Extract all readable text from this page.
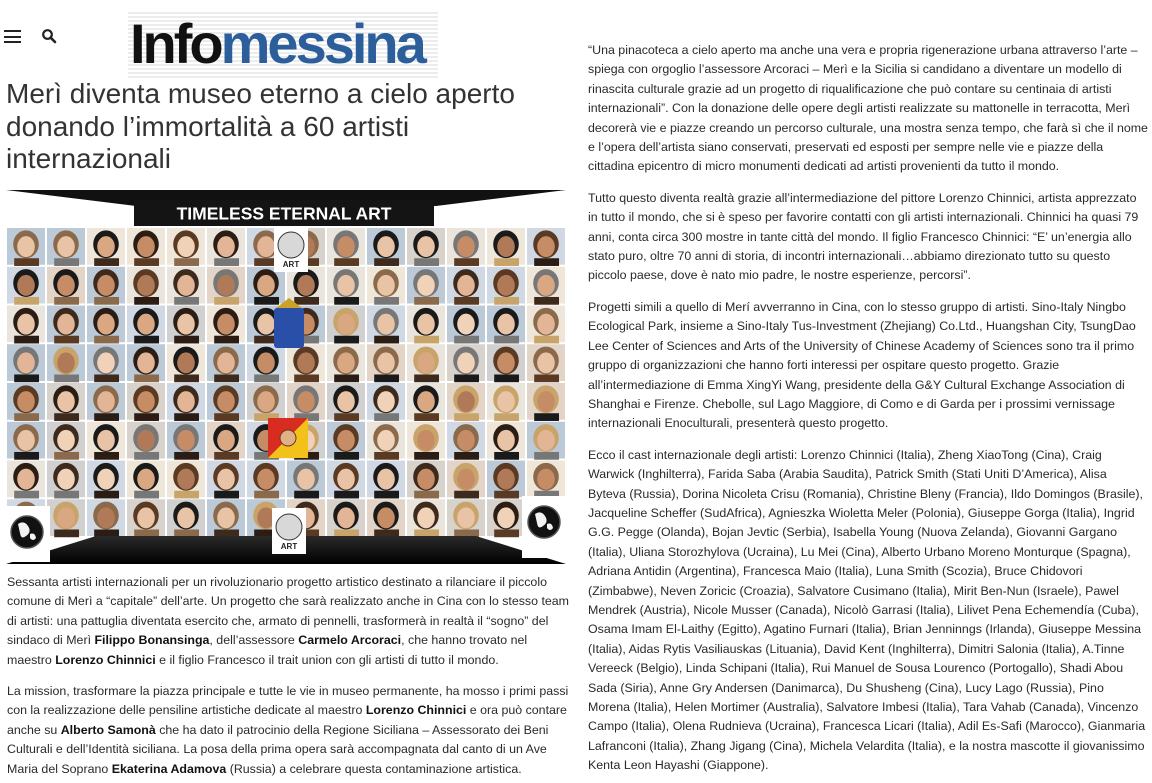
Infomessina
Merì diventa museo eterno a cielo aperto donando l’immortalità a 60 artisti internazionali
TIMELESS ETERNAL ART
ART
ART

Sessanta artisti internazionali per un rivoluzionario progetto artistico destinato a rilanciare il piccolo comune di Merì a “capitale” dell’arte. Un progetto che sarà realizzato anche in Cina con lo stesso team di artisti: una pattuglia diventata esercito che, armato di pennelli, trasformerà in realtà il “sogno” del sindaco di Merì Filippo Bonansinga, dell’assessore Carmelo Arcoraci, che hanno trovato nel maestro Lorenzo Chinnici e il figlio Francesco il trait union con gli artisti di tutto il mondo.

La mission, trasformare la piazza principale e tutte le vie in museo permanente, ha mosso i primi passi con la realizzazione delle pensiline artistiche dedicate al maestro Lorenzo Chinnici e ora può contare anche su Alberto Samonà che ha dato il patrocinio della Regione Siciliana – Assessorato dei Beni Culturali e dell’Identità siciliana. La posa della prima opera sarà accompagnata dal canto di un Ave Maria del Soprano Ekaterina Adamova (Russia) a celebrare questa contaminazione artistica.

“Una pinacoteca a cielo aperto ma anche una vera e propria rigenerazione urbana attraverso l’arte – spiega con orgoglio l’assessore Arcoraci – Merì e la Sicilia si candidano a diventare un modello di rinascita culturale grazie ad un progetto di riqualificazione che può contare su centinaia di artisti internazionali”. Con la donazione delle opere degli artisti realizzate su mattonelle in terracotta, Merì decorerà vie e piazze creando un percorso culturale, una mostra senza tempo, che farà sì che il nome e l’opera dell’artista siano conservati, preservati ed esposti per sempre nelle vie e piazze della cittadina epicentro di micro monumenti dedicati ad artisti provenienti da tutto il mondo.

Tutto questo diventa realtà grazie all’intermediazione del pittore Lorenzo Chinnici, artista apprezzato in tutto il mondo, che si è speso per favorire contatti con gli artisti internazionali. Chinnici ha quasi 79 anni, conta circa 300 mostre in tante città del mondo. Il figlio Francesco Chinnici: “E’ un’energia allo stato puro, oltre 70 anni di storia, di incontri internazionali…abbiamo direzionato tutto su questo piccolo paese, dove è nato mio padre, le nostre esperienze, percorsi”.

Progetti simili a quello di Merí avverranno in Cina, con lo stesso gruppo di artisti. Sino-Italy Ningbo Ecological Park, insieme a Sino-Italy Tus-Investment (Zhejiang) Co.Ltd., Huangshan City, TsungDao Lee Center of Sciences and Arts of the University of Chinese Academy of Sciences sono tra il primo gruppo di organizzazioni che hanno forti interessi per ospitare questo progetto. Grazie all’intermediazione di Emma XingYi Wang, presidente della G&Y Cultural Exchange Association di Shanghai e Firenze. Chebolle, sul Lago Maggiore, di Como e di Garda per i prossimi vernissage internazionali Enoculturali, presenterà questo progetto.

Ecco il cast internazionale degli artisti: Lorenzo Chinnici (Italia), Zheng XiaoTong (Cina), Craig Warwick (Inghilterra), Farida Saba (Arabia Saudita), Patrick Smith (Stati Uniti D’America), Alisa Byteva (Russia), Dorina Nicoleta Crisu (Romania), Christine Bleny (Francia), Ildo Domingos (Brasile), Jacqueline Scheffer (SudAfrica), Agnieszka Wioletta Meler (Polonia), Giuseppe Gorga (Italia), Ingrid G.G. Pegge (Olanda), Bojan Jevtic (Serbia), Isabella Young (Nuova Zelanda), Giovanni Gargano (Italia), Uliana Storozhylova (Ucraina), Lu Mei (Cina), Alberto Urbano Moreno Monturque (Spagna), Adriana Antidin (Argentina), Francesca Maio (Italia), Luna Smith (Scozia), Bruce Chidovori (Zimbabwe), Neven Zoricic (Croazia), Salvatore Cusimano (Italia), Mirit Ben-Nun (Israele), Pawel Mendrek (Austria), Nicole Musser (Canada), Nicolò Garrasi (Italia), Lilivet Pena Echemendía (Cuba), Osama Imam El-Laithy (Egitto), Agatino Furnari (Italia), Brian Jenninngs (Irlanda), Giuseppe Messina (Italia), Aidas Rytis Vasiliauskas (Lituania), David Kent (Inghilterra), Dimitri Salonia (Italia), A.Tinne Vereeck (Belgio), Linda Schipani (Italia), Rui Manuel de Sousa Lourenco (Portogallo), Shadi Abou Sada (Siria), Anne Gry Andersen (Danimarca), Du Shusheng (Cina), Lucy Lago (Russia), Pino Morena (Italia), Helen Mortimer (Australia), Salvatore Imbesi (Italia), Tara Vahab (Canada), Vincenzo Campo (Italia), Olena Rudnieva (Ucraina), Francesca Licari (Italia), Adil Es-Safi (Marocco), Gianmaria Lafranconi (Italia), Zhang Jigang (Cina), Michela Velardita (Italia), e la nostra mascotte il giovanissimo Kenta Leon Hayashi (Giappone).
